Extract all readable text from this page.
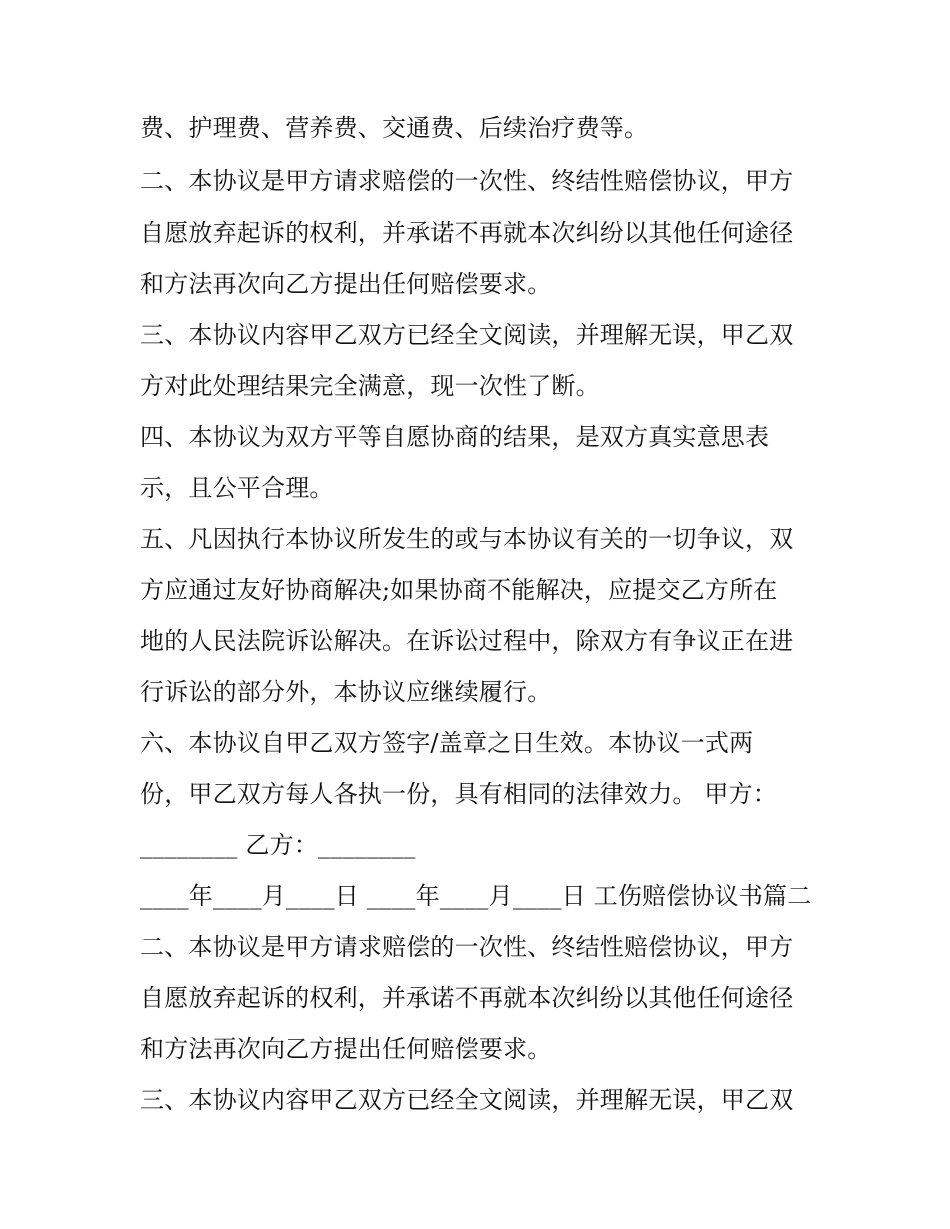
费、护理费、营养费、交通费、后续治疗费等。
二、本协议是甲方请求赔偿的一次性、终结性赔偿协议，甲方
自愿放弃起诉的权利，并承诺不再就本次纠纷以其他任何途径
和方法再次向乙方提出任何赔偿要求。
三、本协议内容甲乙双方已经全文阅读，并理解无误，甲乙双
方对此处理结果完全满意，现一次性了断。
四、本协议为双方平等自愿协商的结果，是双方真实意思表
示，且公平合理。
五、凡因执行本协议所发生的或与本协议有关的一切争议，双
方应通过友好协商解决;如果协商不能解决，应提交乙方所在
地的人民法院诉讼解决。在诉讼过程中，除双方有争议正在进
行诉讼的部分外，本协议应继续履行。
六、本协议自甲乙双方签字/盖章之日生效。本协议一式两
份，甲乙双方每人各执一份，具有相同的法律效力。 甲方：
________ 乙方：________
____年____月____日 ____年____月____日 工伤赔偿协议书篇二
二、本协议是甲方请求赔偿的一次性、终结性赔偿协议，甲方
自愿放弃起诉的权利，并承诺不再就本次纠纷以其他任何途径
和方法再次向乙方提出任何赔偿要求。
三、本协议内容甲乙双方已经全文阅读，并理解无误，甲乙双
